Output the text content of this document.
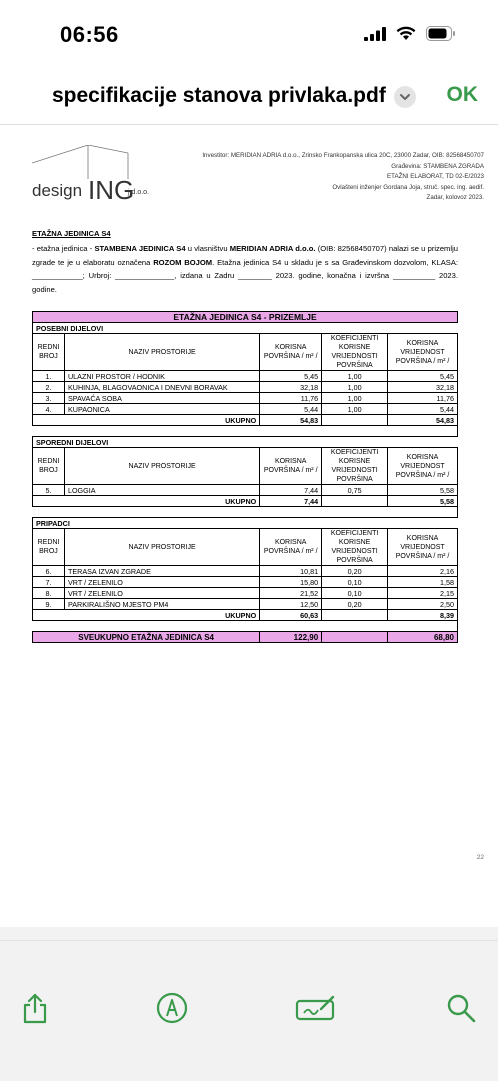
06:56
specifikacije stanova privlaka.pdf	OK
design ING
j.d.o.o.
Investitor: MERIDIAN ADRIA d.o.o., Zrinsko Frankopanska ulica 20C, 23000 Zadar, OIB: 82568450707
Građevina: STAMBENA ZGRADA
ETAŽNI ELABORAT, TD 02-E/2023
Ovlašteni inženjer Gordana Joja, struč. spec. ing. aedif.
Zadar, kolovoz 2023.
ETAŽNA JEDINICA S4
- etažna jedinica - STAMBENA JEDINICA S4 u vlasništvu MERIDIAN ADRIA d.o.o. (OIB: 82568450707) nalazi se u prizemlju zgrade te je u elaboratu označena ROZOM BOJOM. Etažna jedinica S4 u skladu je s sa Građevinskom dozvolom, KLASA: ____________; Urbroj: ______________, izdana u Zadru ________ 2023. godine, konačna i izvršna __________ 2023. godine.
ETAŽNA JEDINICA S4 - PRIZEMLJE				
POSEBNI DIJELOVI				
REDNI BROJ	NAZIV PROSTORIJE	KORISNA POVRŠINA / m² /	KOEFICIJENTI KORISNE VRIJEDNOSTI POVRŠINA	KORISNA VRIJEDNOST POVRŠINA / m² /
1.	ULAZNI PROSTOR / HODNIK	5,45	1,00	5,45
2.	KUHINJA, BLAGOVAONICA I DNEVNI BORAVAK	32,18	1,00	32,18
3.	SPAVAĆA SOBA	11,76	1,00	11,76
4.	KUPAONICA	5,44	1,00	5,44
UKUPNO		54,83		54,83

SPOREDNI DIJELOVI				
REDNI BROJ	NAZIV PROSTORIJE	KORISNA POVRŠINA / m² /	KOEFICIJENTI KORISNE VRIJEDNOSTI POVRŠINA	KORISNA VRIJEDNOST POVRŠINA / m² /
5.	LOGGIA	7,44	0,75	5,58
UKUPNO		7,44		5,58

PRIPADCI				
REDNI BROJ	NAZIV PROSTORIJE	KORISNA POVRŠINA / m² /	KOEFICIJENTI KORISNE VRIJEDNOSTI POVRŠINA	KORISNA VRIJEDNOST POVRŠINA / m² /
6.	TERASA IZVAN ZGRADE	10,81	0,20	2,16
7.	VRT / ZELENILO	15,80	0,10	1,58
8.	VRT / ZELENILO	21,52	0,10	2,15
9.	PARKIRALIŠNO MJESTO PM4	12,50	0,20	2,50
UKUPNO		60,63		8,39

SVEUKUPNO ETAŽNA JEDINICA S4		122,90		68,80
22
